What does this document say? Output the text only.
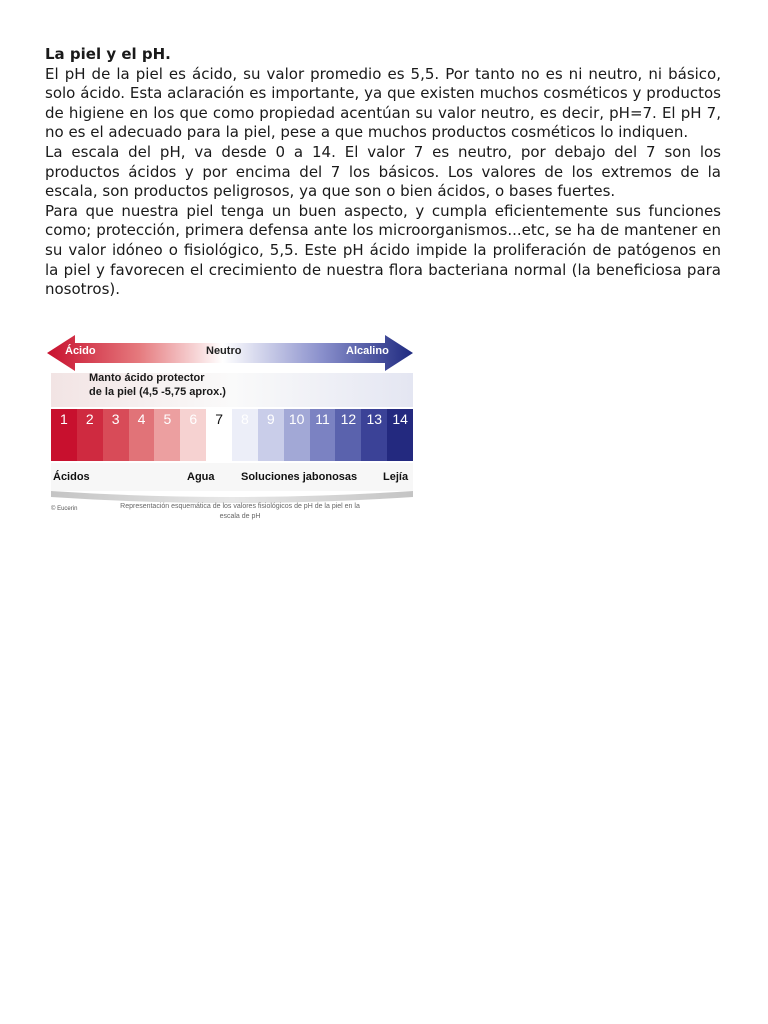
La piel y el pH.

El pH de la piel es ácido, su valor promedio es 5,5. Por tanto no es ni neutro, ni básico, solo ácido. Esta aclaración es importante, ya que existen muchos cosméticos y productos de higiene en los que como propiedad acentúan su valor neutro, es decir, pH=7. El pH 7, no es el adecuado para la piel, pese a que muchos productos cosméticos lo indiquen.

La escala del pH, va desde 0 a 14. El valor 7 es neutro, por debajo del 7 son los productos ácidos y por encima del 7 los básicos. Los valores de los extremos de la escala, son productos peligrosos, ya que son o bien ácidos, o bases fuertes.

Para que nuestra piel tenga un buen aspecto, y cumpla eficientemente sus funciones como; protección, primera defensa ante los microorganismos...etc, se ha de mantener en su valor idóneo o fisiológico, 5,5. Este pH ácido impide la proliferación de patógenos en la piel y favorecen el crecimiento de nuestra flora bacteriana normal (la beneficiosa para nosotros).

Ácido	Neutro	Alcalino
Manto ácido protector
de la piel (4,5 -5,75 aprox.)
1	2	3	4	5	6	7	8	9	10 11 12 13 14
Ácidos	Agua Soluciones jabonosas Lejía
© Eucerin	Representación esquemática de los valores fisiológicos de pH de la piel en la escala de pH
